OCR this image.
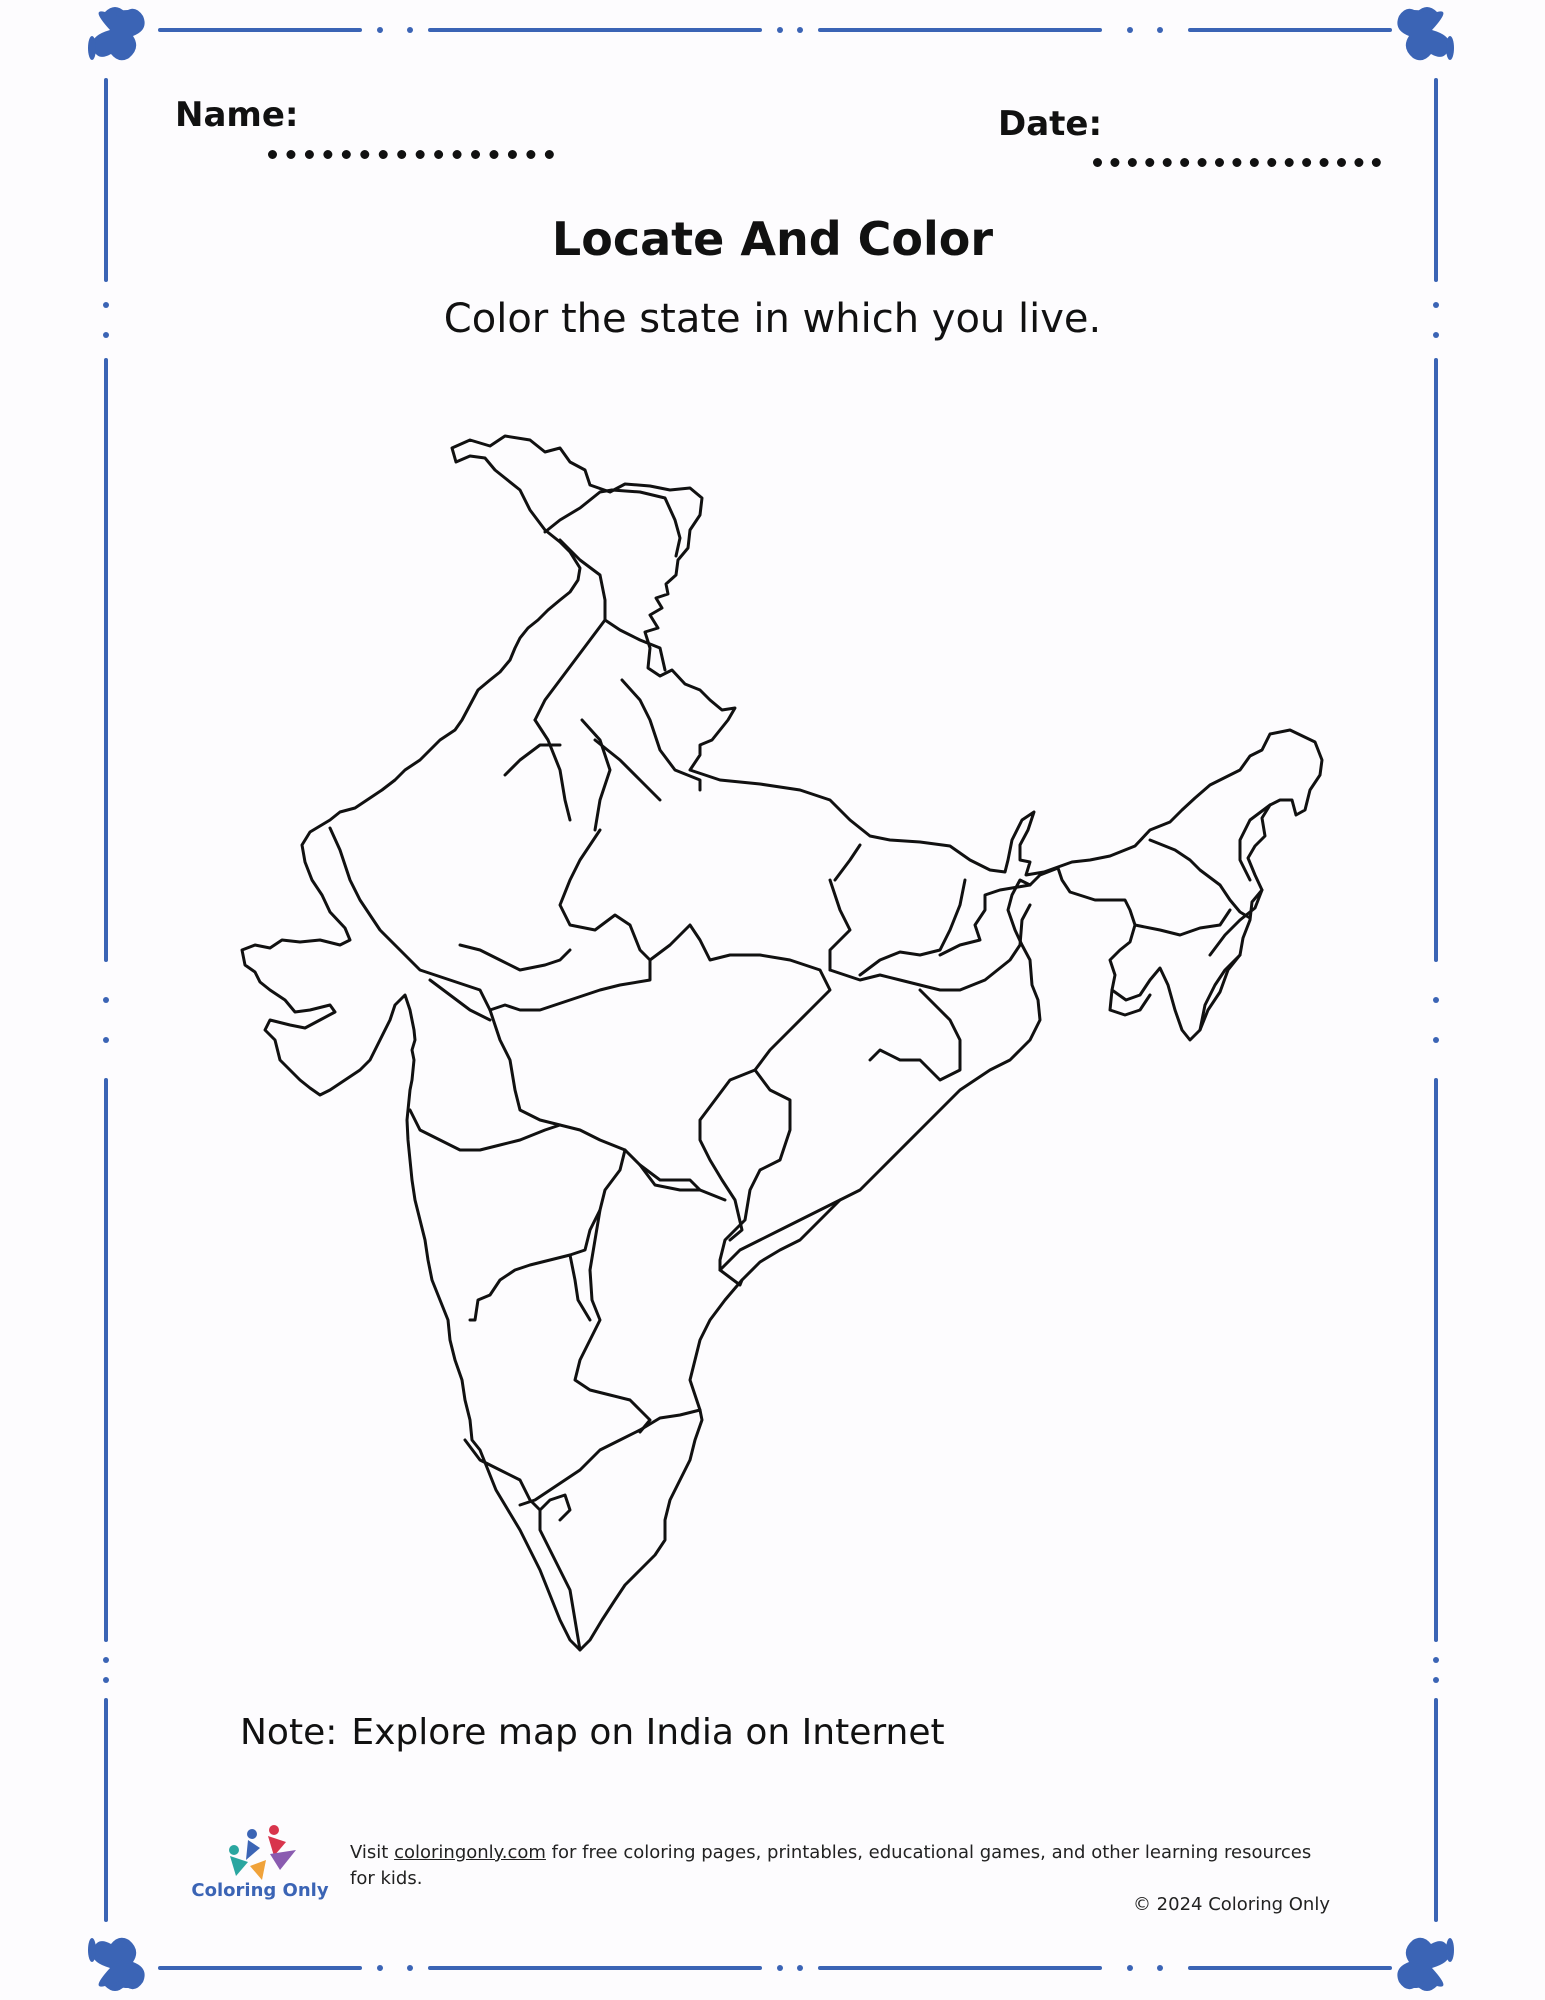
Name:	Date:
Locate And Color
Color the state in which you live.
Note: Explore map on India on Internet
Coloring Only
Visit coloringonly.com for free coloring pages, printables, educational games, and other learning resources for kids.
© 2024 Coloring Only
